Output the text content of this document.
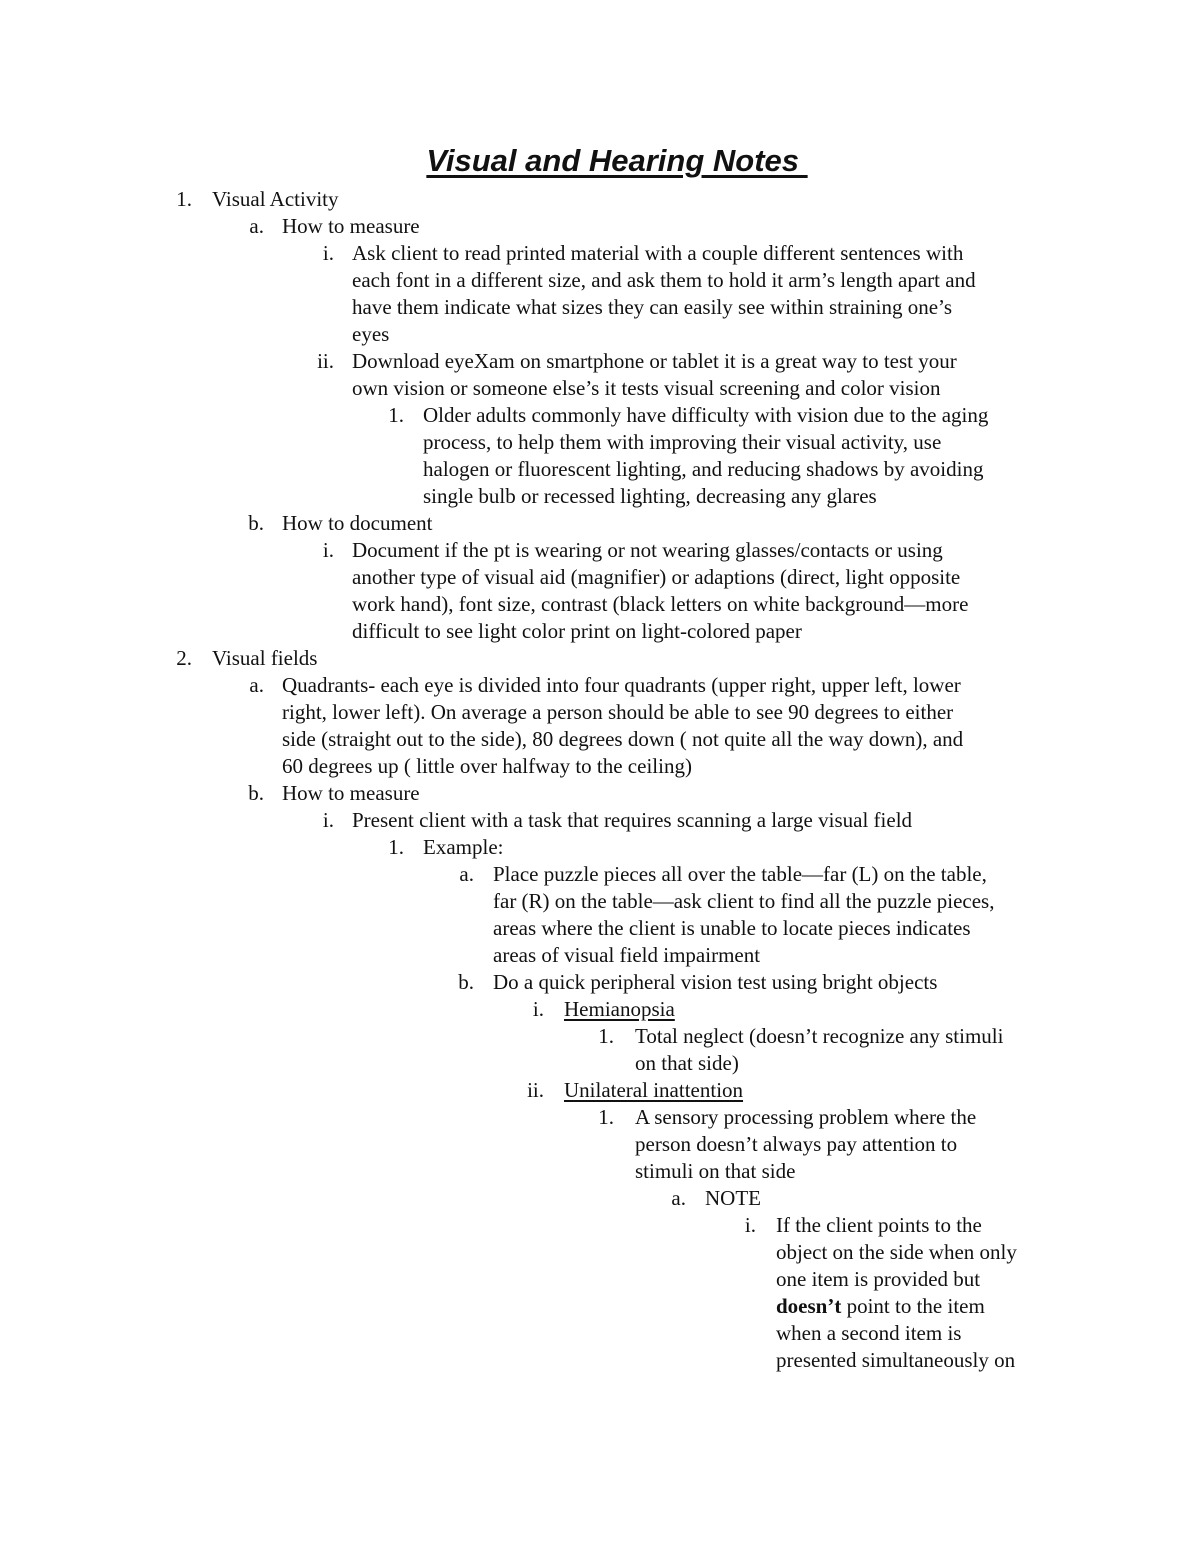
Visual and Hearing Notes
1. Visual Activity
a. How to measure
i. Ask client to read printed material with a couple different sentences with
each font in a different size, and ask them to hold it arm’s length apart and
have them indicate what sizes they can easily see within straining one’s
eyes
ii. Download eyeXam on smartphone or tablet it is a great way to test your
own vision or someone else’s it tests visual screening and color vision
1. Older adults commonly have difficulty with vision due to the aging
process, to help them with improving their visual activity, use
halogen or fluorescent lighting, and reducing shadows by avoiding
single bulb or recessed lighting, decreasing any glares
b. How to document
i. Document if the pt is wearing or not wearing glasses/contacts or using
another type of visual aid (magnifier) or adaptions (direct, light opposite
work hand), font size, contrast (black letters on white background—more
difficult to see light color print on light-colored paper
2. Visual fields
a. Quadrants- each eye is divided into four quadrants (upper right, upper left, lower
right, lower left). On average a person should be able to see 90 degrees to either
side (straight out to the side), 80 degrees down ( not quite all the way down), and
60 degrees up ( little over halfway to the ceiling)
b. How to measure
i. Present client with a task that requires scanning a large visual field
1. Example:
a. Place puzzle pieces all over the table—far (L) on the table,
far (R) on the table—ask client to find all the puzzle pieces,
areas where the client is unable to locate pieces indicates
areas of visual field impairment
b. Do a quick peripheral vision test using bright objects
i. Hemianopsia
1. Total neglect (doesn’t recognize any stimuli
on that side)
ii. Unilateral inattention
1. A sensory processing problem where the
person doesn’t always pay attention to
stimuli on that side
a. NOTE
i. If the client points to the
object on the side when only
one item is provided but
doesn’t point to the item
when a second item is
presented simultaneously on
